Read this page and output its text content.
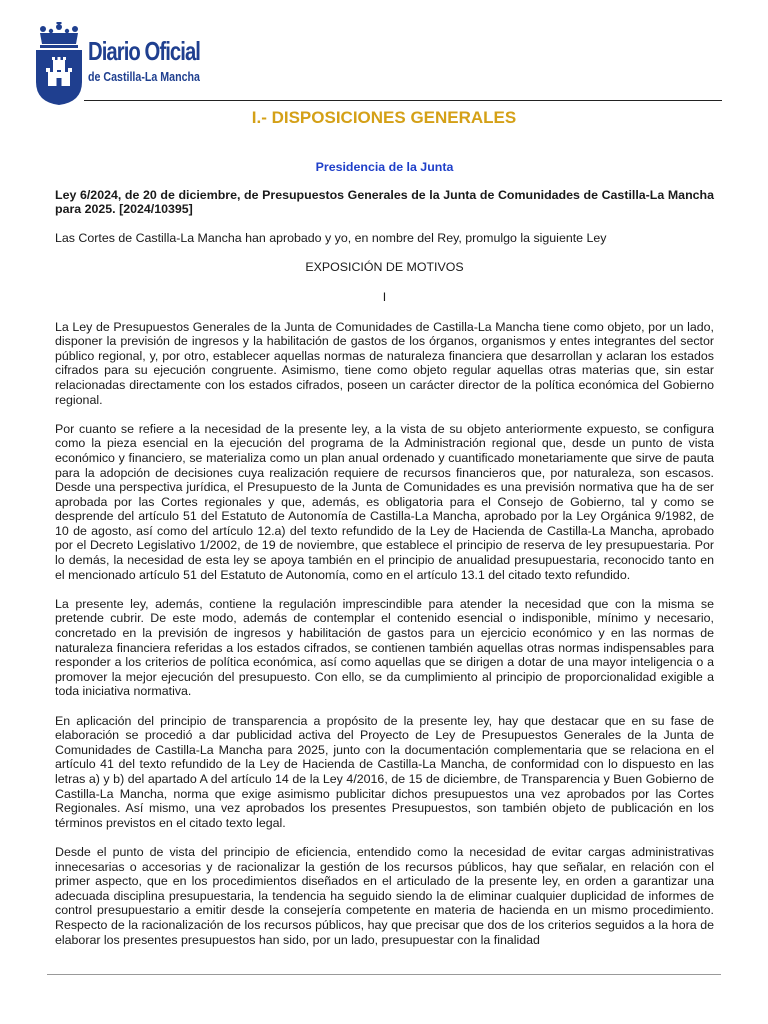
Diario Oficial

de Castilla-La Mancha

I.- DISPOSICIONES GENERALES

Presidencia de la Junta

Ley 6/2024, de 20 de diciembre, de Presupuestos Generales de la Junta de Comunidades de Castilla-La Mancha para 2025. [2024/10395]

Las Cortes de Castilla-La Mancha han aprobado y yo, en nombre del Rey, promulgo la siguiente Ley

EXPOSICIÓN DE MOTIVOS

I

La Ley de Presupuestos Generales de la Junta de Comunidades de Castilla-La Mancha tiene como objeto, por un lado, disponer la previsión de ingresos y la habilitación de gastos de los órganos, organismos y entes integrantes del sector público regional, y, por otro, establecer aquellas normas de naturaleza financiera que desarrollan y aclaran los estados cifrados para su ejecución congruente. Asimismo, tiene como objeto regular aquellas otras materias que, sin estar relacionadas directamente con los estados cifrados, poseen un carácter director de la política económica del Gobierno regional.

Por cuanto se refiere a la necesidad de la presente ley, a la vista de su objeto anteriormente expuesto, se configura como la pieza esencial en la ejecución del programa de la Administración regional que, desde un punto de vista económico y financiero, se materializa como un plan anual ordenado y cuantificado monetariamente que sirve de pauta para la adopción de decisiones cuya realización requiere de recursos financieros que, por naturaleza, son escasos. Desde una perspectiva jurídica, el Presupuesto de la Junta de Comunidades es una previsión normativa que ha de ser aprobada por las Cortes regionales y que, además, es obligatoria para el Consejo de Gobierno, tal y como se desprende del artículo 51 del Estatuto de Autonomía de Castilla-La Mancha, aprobado por la Ley Orgánica 9/1982, de 10 de agosto, así como del artículo 12.a) del texto refundido de la Ley de Hacienda de Castilla-La Mancha, aprobado por el Decreto Legislativo 1/2002, de 19 de noviembre, que establece el principio de reserva de ley presupuestaria. Por lo demás, la necesidad de esta ley se apoya también en el principio de anualidad presupuestaria, reconocido tanto en el mencionado artículo 51 del Estatuto de Autonomía, como en el artículo 13.1 del citado texto refundido.

La presente ley, además, contiene la regulación imprescindible para atender la necesidad que con la misma se pretende cubrir. De este modo, además de contemplar el contenido esencial o indisponible, mínimo y necesario, concretado en la previsión de ingresos y habilitación de gastos para un ejercicio económico y en las normas de naturaleza financiera referidas a los estados cifrados, se contienen también aquellas otras normas indispensables para responder a los criterios de política económica, así como aquellas que se dirigen a dotar de una mayor inteligencia o a promover la mejor ejecución del presupuesto. Con ello, se da cumplimiento al principio de proporcionalidad exigible a toda iniciativa normativa.

En aplicación del principio de transparencia a propósito de la presente ley, hay que destacar que en su fase de elaboración se procedió a dar publicidad activa del Proyecto de Ley de Presupuestos Generales de la Junta de Comunidades de Castilla-La Mancha para 2025, junto con la documentación complementaria que se relaciona en el artículo 41 del texto refundido de la Ley de Hacienda de Castilla-La Mancha, de conformidad con lo dispuesto en las letras a) y b) del apartado A del artículo 14 de la Ley 4/2016, de 15 de diciembre, de Transparencia y Buen Gobierno de Castilla-La Mancha, norma que exige asimismo publicitar dichos presupuestos una vez aprobados por las Cortes Regionales. Así mismo, una vez aprobados los presentes Presupuestos, son también objeto de publicación en los términos previstos en el citado texto legal.

Desde el punto de vista del principio de eficiencia, entendido como la necesidad de evitar cargas administrativas innecesarias o accesorias y de racionalizar la gestión de los recursos públicos, hay que señalar, en relación con el primer aspecto, que en los procedimientos diseñados en el articulado de la presente ley, en orden a garantizar una adecuada disciplina presupuestaria, la tendencia ha seguido siendo la de eliminar cualquier duplicidad de informes de control presupuestario a emitir desde la consejería competente en materia de hacienda en un mismo procedimiento. Respecto de la racionalización de los recursos públicos, hay que precisar que dos de los criterios seguidos a la hora de elaborar los presentes presupuestos han sido, por un lado, presupuestar con la finalidad
